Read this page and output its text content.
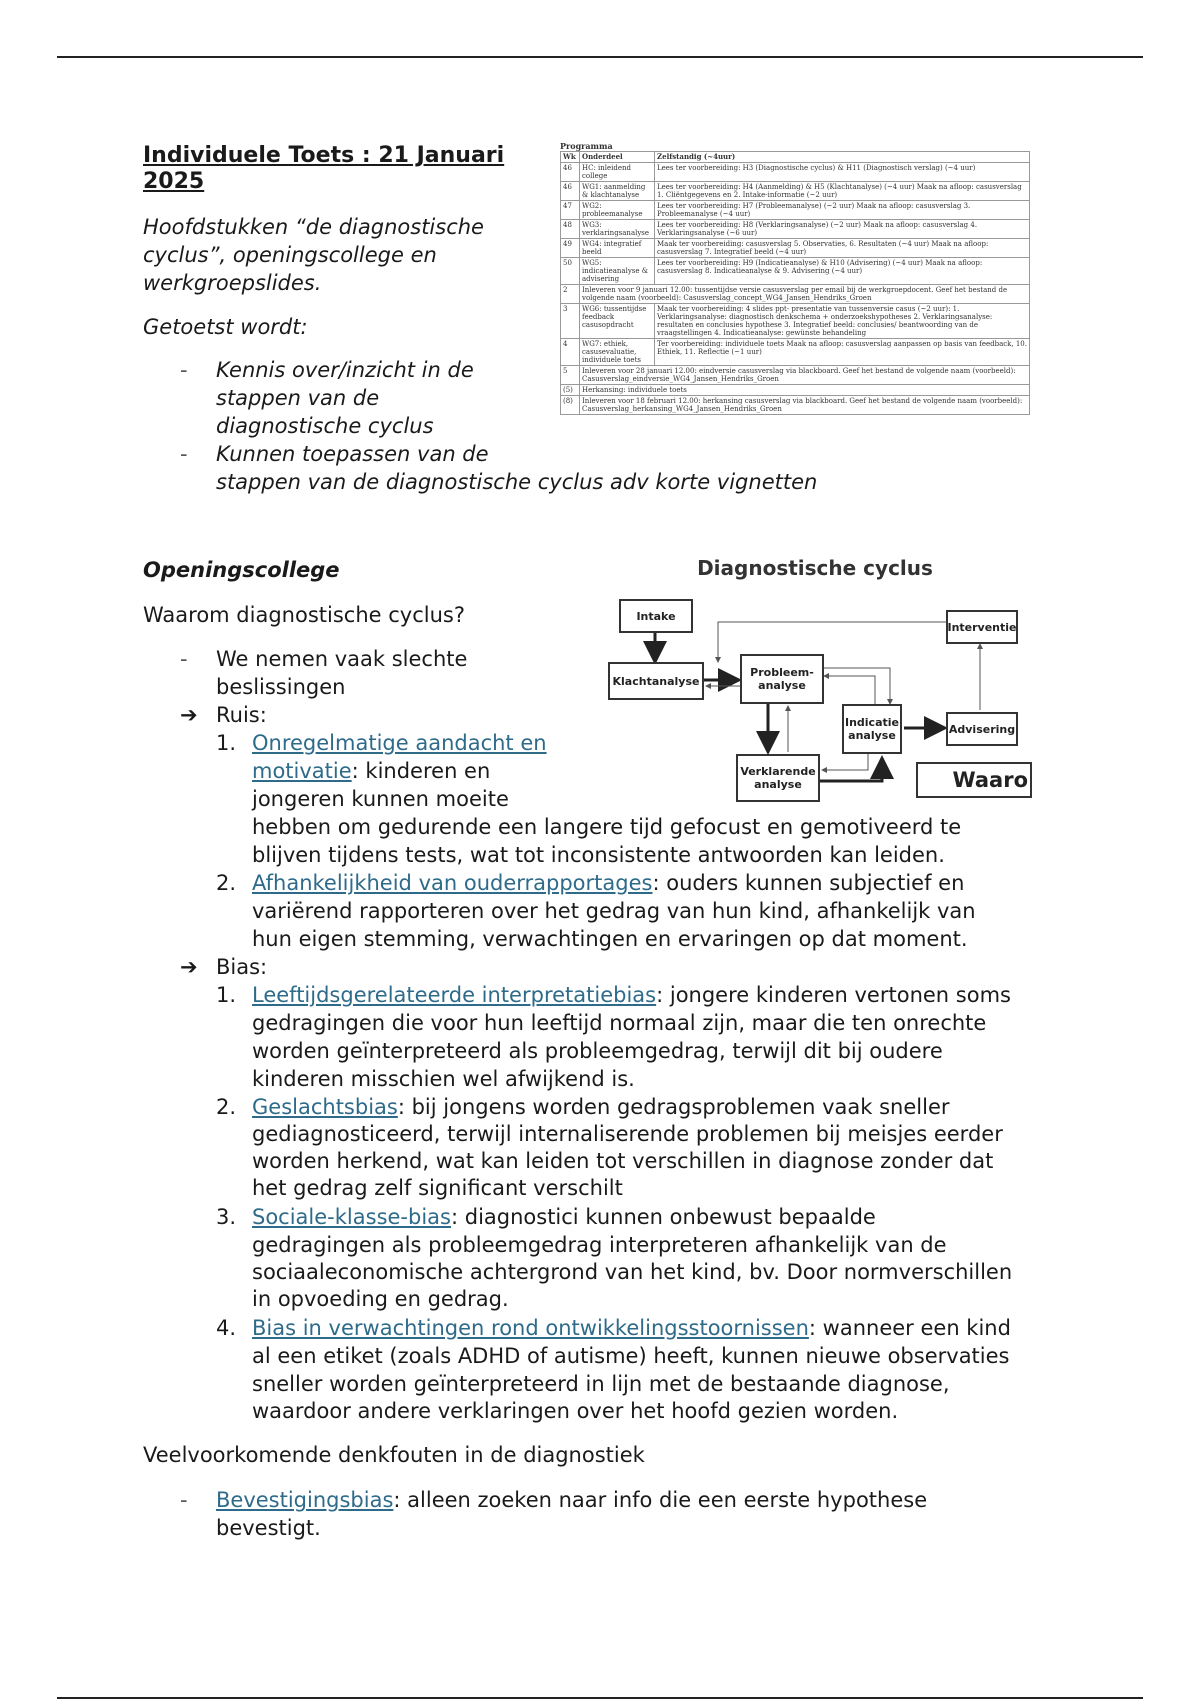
Individuele Toets : 21 Januari
2025
Hoofdstukken “de diagnostische
cyclus”, openingscollege en
werkgroepslides.
Getoetst wordt:
- Kennis over/inzicht in de
stappen van de
diagnostische cyclus
- Kunnen toepassen van de
stappen van de diagnostische cyclus adv korte vignetten
Programma
Wk	Onderdeel	Zelfstandig (~4uur)
46	HC: inleidend college	Lees ter voorbereiding: H3 (Diagnostische cyclus) & H11 (Diagnostisch verslag) (~4 uur)
46	WG1: aanmelding & klachtanalyse	Lees ter voorbereiding: H4 (Aanmelding) & H5 (Klachtanalyse) (~4 uur) Maak na afloop: casusverslag 1. Cliëntgegevens en 2. Intake-informatie (~2 uur)
47	WG2: probleemanalyse	Lees ter voorbereiding: H7 (Probleemanalyse) (~2 uur) Maak na afloop: casusverslag 3. Probleemanalyse (~4 uur)
48	WG3: verklaringsanalyse	Lees ter voorbereiding: H8 (Verklaringsanalyse) (~2 uur) Maak na afloop: casusverslag 4. Verklaringsanalyse (~6 uur)
49	WG4: integratief beeld	Maak ter voorbereiding: casusverslag 5. Observaties, 6. Resultaten (~4 uur) Maak na afloop: casusverslag 7. Integratief beeld (~4 uur)
50	WG5: indicatieanalyse & advisering	Lees ter voorbereiding: H9 (Indicatieanalyse) & H10 (Advisering) (~4 uur) Maak na afloop: casusverslag 8. Indicatieanalyse & 9. Advisering (~4 uur)
2	Inleveren voor 9 januari 12.00: tussentijdse versie casusverslag per email bij de werkgroepdocent. Geef het bestand de volgende naam (voorbeeld): Casusverslag_concept_WG4_Jansen_Hendriks_Groen	
3	WG6: tussentijdse feedback casusopdracht	Maak ter voorbereiding: 4 slides ppt- presentatie van tussenversie casus (~2 uur): 1. Verklaringsanalyse: diagnostisch denkschema + onderzoekshypotheses 2. Verklaringsanalyse: resultaten en conclusies hypothese 3. Integratief beeld: conclusies/ beantwoording van de vraagstellingen 4. Indicatieanalyse: gewünste behandeling
4	WG7: ethiek, casusevaluatie, individuele toets	Ter voorbereiding: individuele toets Maak na afloop: casusverslag aanpassen op basis van feedback, 10. Ethiek, 11. Reflectie (~1 uur)
5	Inleveren voor 28 januari 12.00: eindversie casusverslag via blackboard. Geef het bestand de volgende naam (voorbeeld): Casusverslag_eindversie_WG4_Jansen_Hendriks_Groen	
(5)	Herkansing: individuele toets	
(8)	Inleveren voor 18 februari 12.00: herkansing casusverslag via blackboard. Geef het bestand de volgende naam (voorbeeld): Casusverslag_herkansing_WG4_Jansen_Hendriks_Groen	
Diagnostische cyclus
Intake
Klachtanalyse
Probleem-
analyse
Indicatie
analyse
Verklarende
analyse
Interventie
Advisering
Waaro
Openingscollege
Waarom diagnostische cyclus?
- We nemen vaak slechte
beslissingen
➔ Ruis:
1. Onregelmatige aandacht en
motivatie: kinderen en
jongeren kunnen moeite
hebben om gedurende een langere tijd gefocust en gemotiveerd te
blijven tijdens tests, wat tot inconsistente antwoorden kan leiden.
2. Afhankelijkheid van ouderrapportages: ouders kunnen subjectief en
variërend rapporteren over het gedrag van hun kind, afhankelijk van
hun eigen stemming, verwachtingen en ervaringen op dat moment.
➔ Bias:
1. Leeftijdsgerelateerde interpretatiebias: jongere kinderen vertonen soms
gedragingen die voor hun leeftijd normaal zijn, maar die ten onrechte
worden geïnterpreteerd als probleemgedrag, terwijl dit bij oudere
kinderen misschien wel afwijkend is.
2. Geslachtsbias: bij jongens worden gedragsproblemen vaak sneller
gediagnosticeerd, terwijl internaliserende problemen bij meisjes eerder
worden herkend, wat kan leiden tot verschillen in diagnose zonder dat
het gedrag zelf significant verschilt
3. Sociale-klasse-bias: diagnostici kunnen onbewust bepaalde
gedragingen als probleemgedrag interpreteren afhankelijk van de
sociaaleconomische achtergrond van het kind, bv. Door normverschillen
in opvoeding en gedrag.
4. Bias in verwachtingen rond ontwikkelingsstoornissen: wanneer een kind
al een etiket (zoals ADHD of autisme) heeft, kunnen nieuwe observaties
sneller worden geïnterpreteerd in lijn met de bestaande diagnose,
waardoor andere verklaringen over het hoofd gezien worden.
Veelvoorkomende denkfouten in de diagnostiek
- Bevestigingsbias: alleen zoeken naar info die een eerste hypothese
bevestigt.
